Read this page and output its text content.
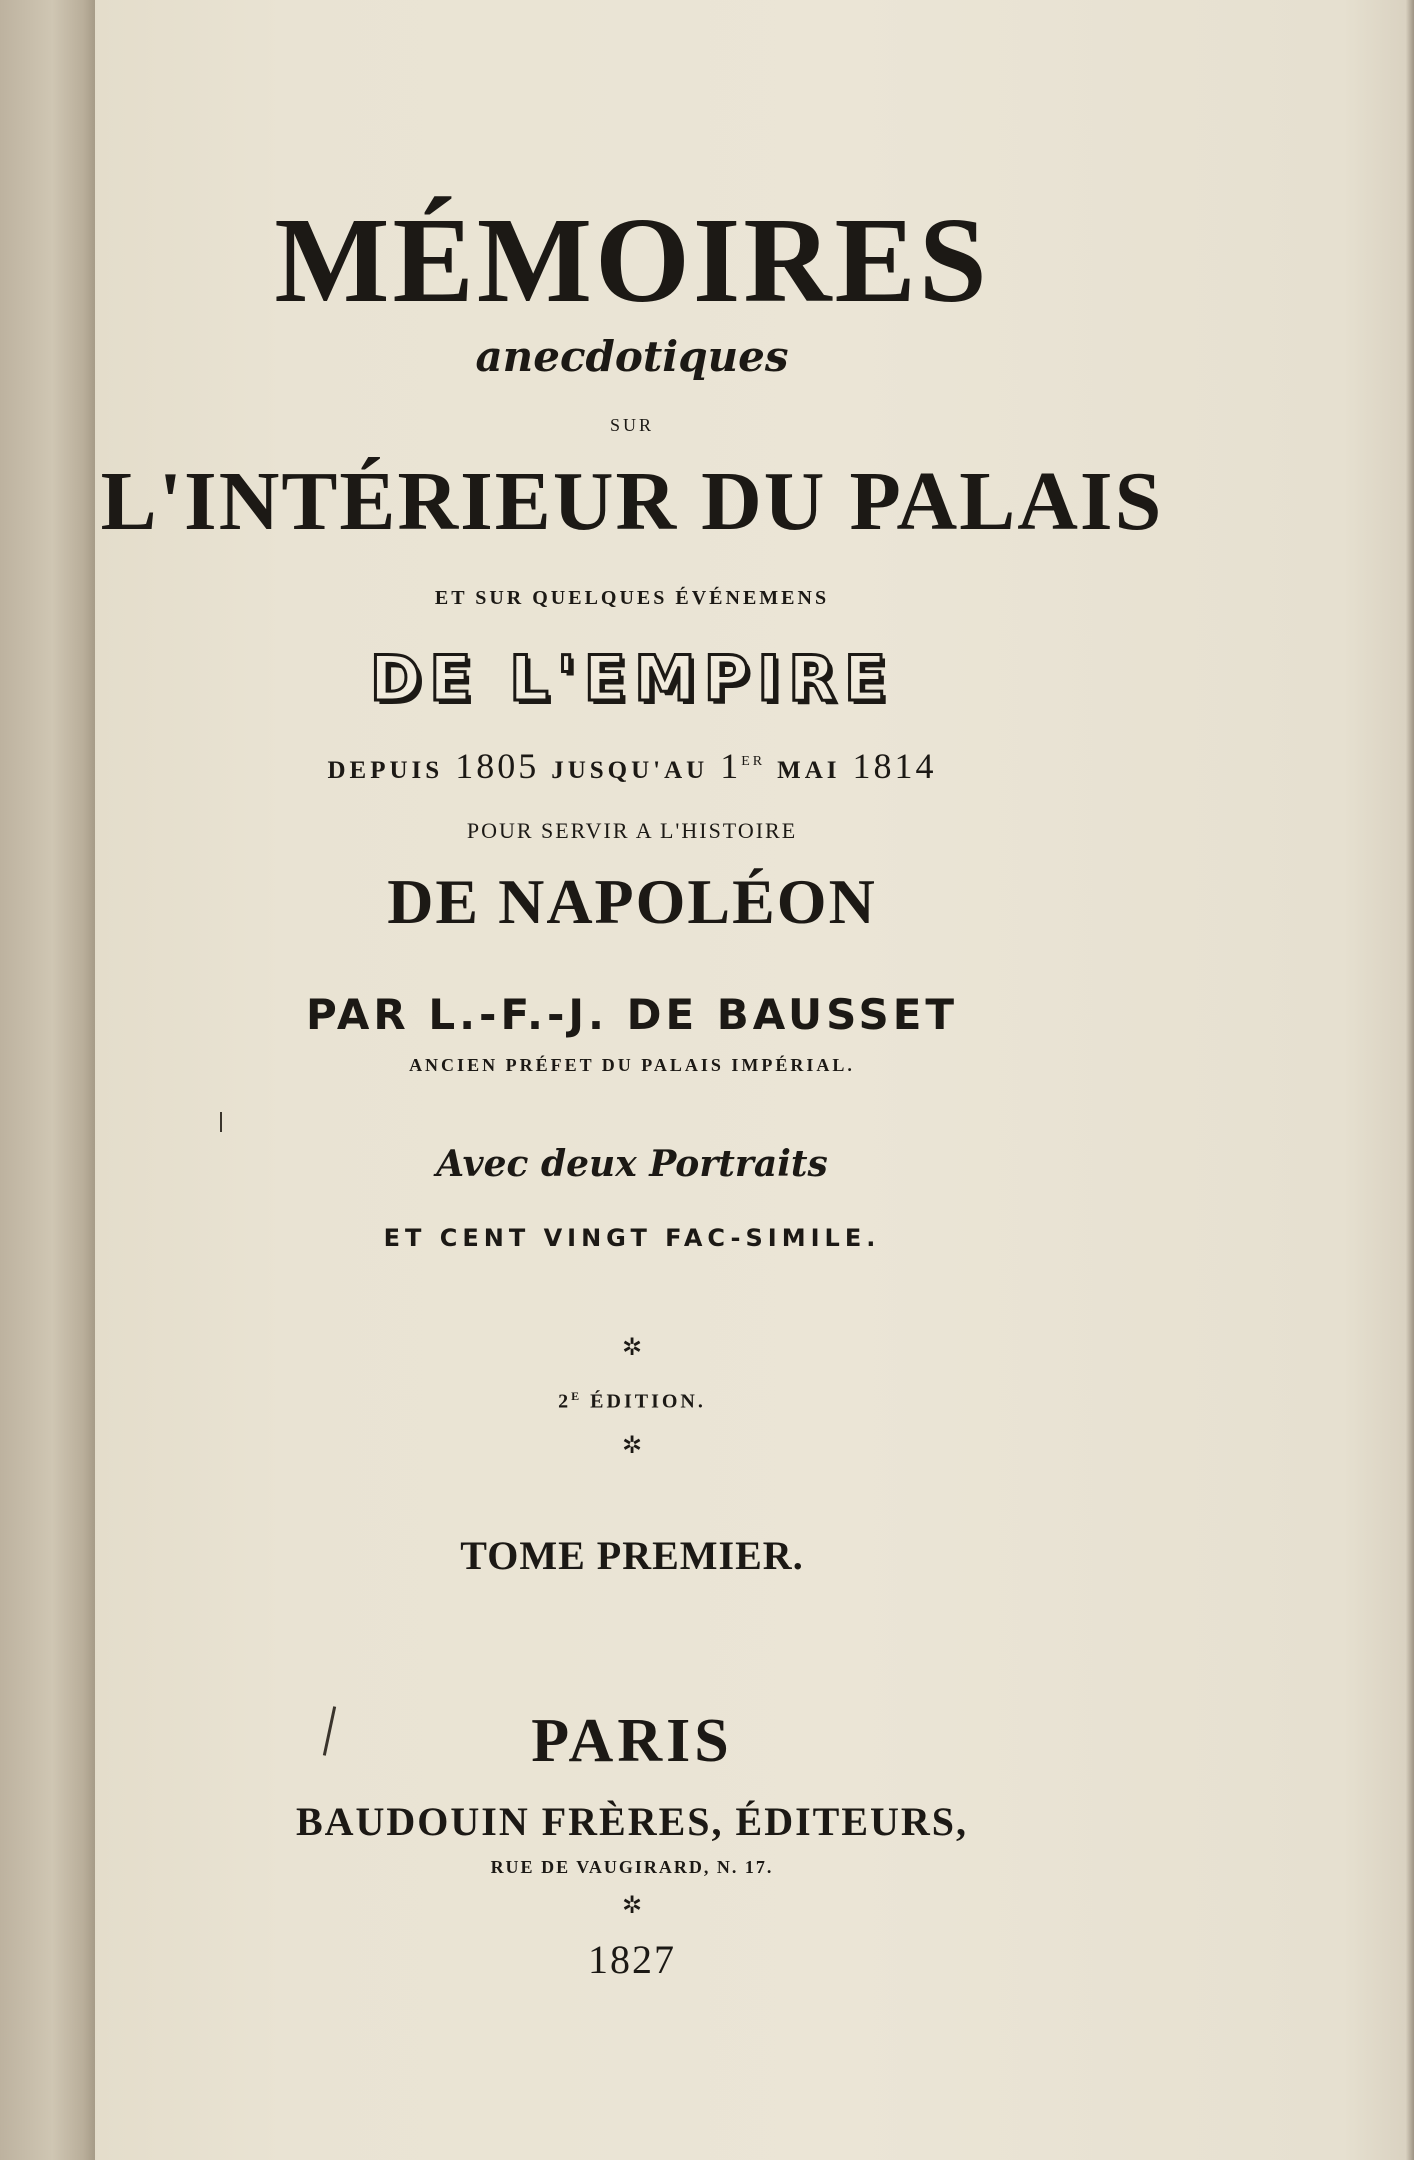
MÉMOIRES
anecdotiques
SUR
L'INTÉRIEUR DU PALAIS
ET SUR QUELQUES ÉVÉNEMENS
DE L'EMPIRE
DEPUIS 1805 JUSQU'AU 1ER MAI 1814
POUR SERVIR A L'HISTOIRE
DE NAPOLÉON
PAR L.-F.-J. DE BAUSSET
ANCIEN PRÉFET DU PALAIS IMPÉRIAL.
Avec deux Portraits
ET CENT VINGT FAC-SIMILE.
✲
$2^E$ ÉDITION.
✲
TOME PREMIER.
PARIS
BAUDOUIN FRÈRES, ÉDITEURS,
RUE DE VAUGIRARD, N. 17.
✲
1827
